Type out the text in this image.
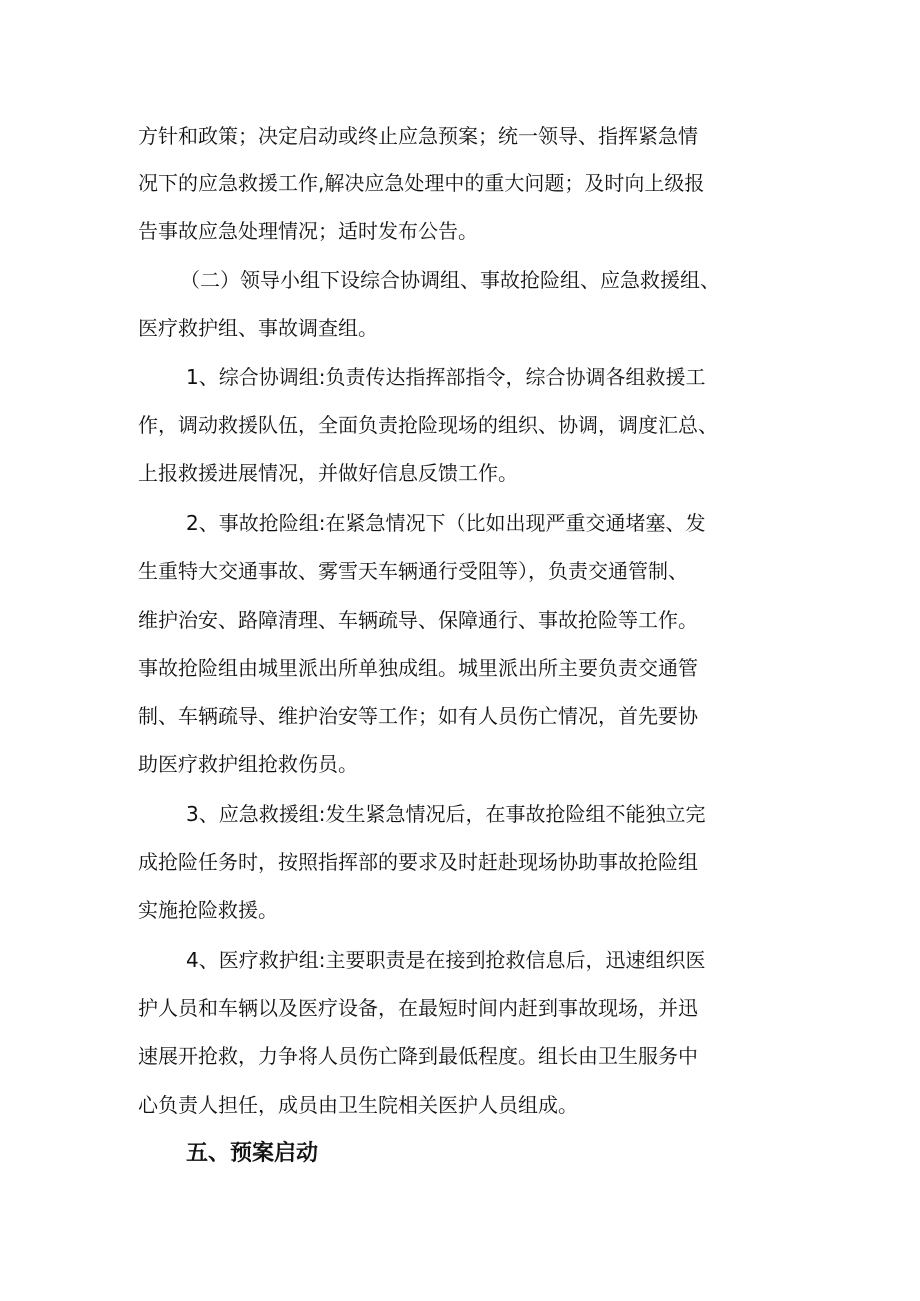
方针和政策；决定启动或终止应急预案；统一领导、指挥紧急情
况下的应急救援工作,解决应急处理中的重大问题；及时向上级报
告事故应急处理情况；适时发布公告。
（二）领导小组下设综合协调组、事故抢险组、应急救援组、
医疗救护组、事故调查组。
1、综合协调组:负责传达指挥部指令，综合协调各组救援工
作，调动救援队伍，全面负责抢险现场的组织、协调，调度汇总、
上报救援进展情况，并做好信息反馈工作。
2、事故抢险组:在紧急情况下（比如出现严重交通堵塞、发
生重特大交通事故、雾雪天车辆通行受阻等），负责交通管制、
维护治安、路障清理、车辆疏导、保障通行、事故抢险等工作。
事故抢险组由城里派出所单独成组。城里派出所主要负责交通管
制、车辆疏导、维护治安等工作；如有人员伤亡情况，首先要协
助医疗救护组抢救伤员。
3、应急救援组:发生紧急情况后，在事故抢险组不能独立完
成抢险任务时，按照指挥部的要求及时赶赴现场协助事故抢险组
实施抢险救援。
4、医疗救护组:主要职责是在接到抢救信息后，迅速组织医
护人员和车辆以及医疗设备，在最短时间内赶到事故现场，并迅
速展开抢救，力争将人员伤亡降到最低程度。组长由卫生服务中
心负责人担任，成员由卫生院相关医护人员组成。
五、预案启动
